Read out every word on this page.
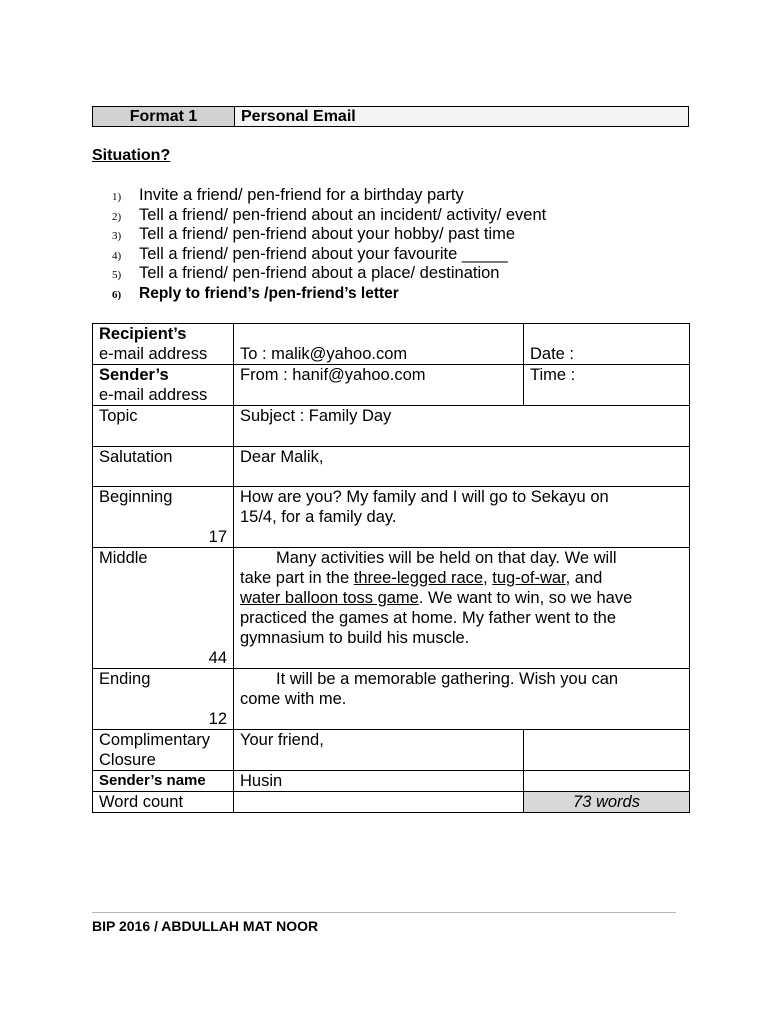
Format 1	Personal Email
Situation?
1) Invite a friend/ pen-friend for a birthday party
2) Tell a friend/ pen-friend about an incident/ activity/ event
3) Tell a friend/ pen-friend about your hobby/ past time
4) Tell a friend/ pen-friend about your favourite _____
5) Tell a friend/ pen-friend about a place/ destination
6) Reply to friend’s /pen-friend’s letter
Recipient’s
e-mail address	To : malik@yahoo.com	Date :
Sender’s
e-mail address	From : hanif@yahoo.com	Time :
Topic	Subject : Family Day	
Salutation	Dear Malik,	
Beginning

17	How are you? My family and I will go to Sekayu on
15/4, for a family day.	
Middle

44	Many activities will be held on that day. We will
take part in the three-legged race, tug-of-war, and
water balloon toss game. We want to win, so we have
practiced the games at home. My father went to the
gymnasium to build his muscle.	
Ending

12	It will be a memorable gathering. Wish you can
come with me.	
Complimentary
Closure	Your friend,	
Sender’s name	Husin	
Word count		73 words
BIP 2016 / ABDULLAH MAT NOOR
